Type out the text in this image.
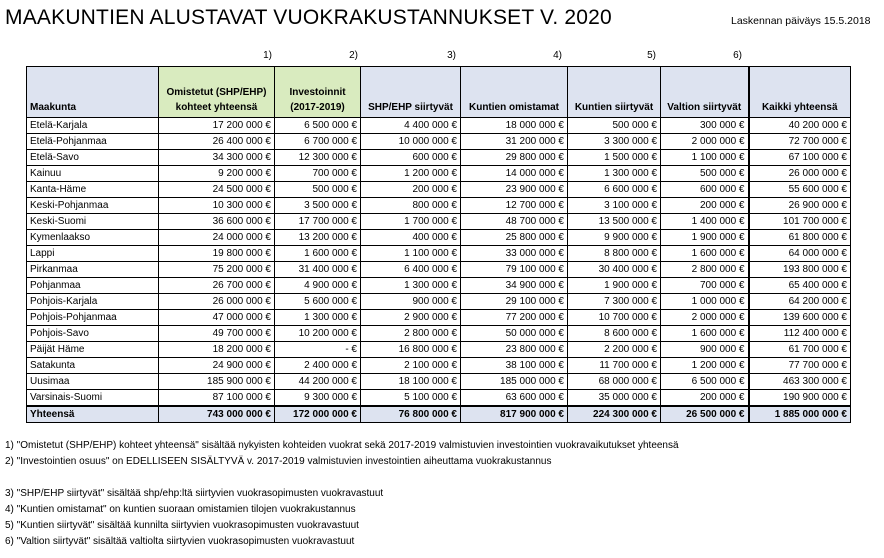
MAAKUNTIEN ALUSTAVAT VUOKRAKUSTANNUKSET V. 2020	Laskennan päiväys 15.5.2018
1)	2)	3)	4)	5)	6)
Maakunta	Omistetut (SHP/EHP) kohteet yhteensä	Investoinnit (2017-2019)	SHP/EHP siirtyvät	Kuntien omistamat	Kuntien siirtyvät	Valtion siirtyvät	Kaikki yhteensä
Etelä-Karjala	17 200 000 €	6 500 000 €	4 400 000 €	18 000 000 €	500 000 €	300 000 €	40 200 000 €
Etelä-Pohjanmaa	26 400 000 €	6 700 000 €	10 000 000 €	31 200 000 €	3 300 000 €	2 000 000 €	72 700 000 €
Etelä-Savo	34 300 000 €	12 300 000 €	600 000 €	29 800 000 €	1 500 000 €	1 100 000 €	67 100 000 €
Kainuu	9 200 000 €	700 000 €	1 200 000 €	14 000 000 €	1 300 000 €	500 000 €	26 000 000 €
Kanta-Häme	24 500 000 €	500 000 €	200 000 €	23 900 000 €	6 600 000 €	600 000 €	55 600 000 €
Keski-Pohjanmaa	10 300 000 €	3 500 000 €	800 000 €	12 700 000 €	3 100 000 €	200 000 €	26 900 000 €
Keski-Suomi	36 600 000 €	17 700 000 €	1 700 000 €	48 700 000 €	13 500 000 €	1 400 000 €	101 700 000 €
Kymenlaakso	24 000 000 €	13 200 000 €	400 000 €	25 800 000 €	9 900 000 €	1 900 000 €	61 800 000 €
Lappi	19 800 000 €	1 600 000 €	1 100 000 €	33 000 000 €	8 800 000 €	1 600 000 €	64 000 000 €
Pirkanmaa	75 200 000 €	31 400 000 €	6 400 000 €	79 100 000 €	30 400 000 €	2 800 000 €	193 800 000 €
Pohjanmaa	26 700 000 €	4 900 000 €	1 300 000 €	34 900 000 €	1 900 000 €	700 000 €	65 400 000 €
Pohjois-Karjala	26 000 000 €	5 600 000 €	900 000 €	29 100 000 €	7 300 000 €	1 000 000 €	64 200 000 €
Pohjois-Pohjanmaa	47 000 000 €	1 300 000 €	2 900 000 €	77 200 000 €	10 700 000 €	2 000 000 €	139 600 000 €
Pohjois-Savo	49 700 000 €	10 200 000 €	2 800 000 €	50 000 000 €	8 600 000 €	1 600 000 €	112 400 000 €
Päijät Häme	18 200 000 €	- €	16 800 000 €	23 800 000 €	2 200 000 €	900 000 €	61 700 000 €
Satakunta	24 900 000 €	2 400 000 €	2 100 000 €	38 100 000 €	11 700 000 €	1 200 000 €	77 700 000 €
Uusimaa	185 900 000 €	44 200 000 €	18 100 000 €	185 000 000 €	68 000 000 €	6 500 000 €	463 300 000 €
Varsinais-Suomi	87 100 000 €	9 300 000 €	5 100 000 €	63 600 000 €	35 000 000 €	200 000 €	190 900 000 €
Yhteensä	743 000 000 €	172 000 000 €	76 800 000 €	817 900 000 €	224 300 000 €	26 500 000 €	1 885 000 000 €
1) "Omistetut (SHP/EHP) kohteet yhteensä" sisältää nykyisten kohteiden vuokrat sekä 2017-2019 valmistuvien investointien vuokravaikutukset yhteensä
2) "Investointien osuus" on EDELLISEEN SISÄLTYVÄ v. 2017-2019 valmistuvien investointien aiheuttama vuokrakustannus
3) "SHP/EHP siirtyvät" sisältää shp/ehp:ltä siirtyvien vuokrasopimusten vuokravastuut
4) "Kuntien omistamat" on kuntien suoraan omistamien tilojen vuokrakustannus
5) "Kuntien siirtyvät" sisältää kunnilta siirtyvien vuokrasopimusten vuokravastuut
6) "Valtion siirtyvät" sisältää valtiolta siirtyvien vuokrasopimusten vuokravastuut
